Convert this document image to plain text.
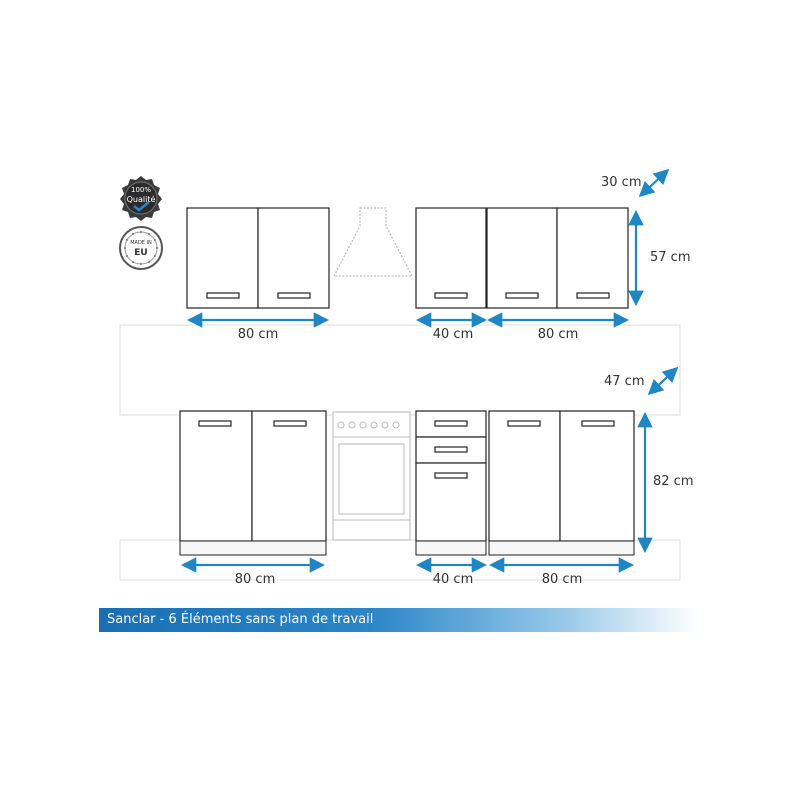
100%
Qualité
MADE IN
EU
80 cm	40 cm	80 cm
57 cm
30 cm
80 cm	40 cm	80 cm
82 cm
47 cm
Sanclar - 6 Éléments sans plan de travail
